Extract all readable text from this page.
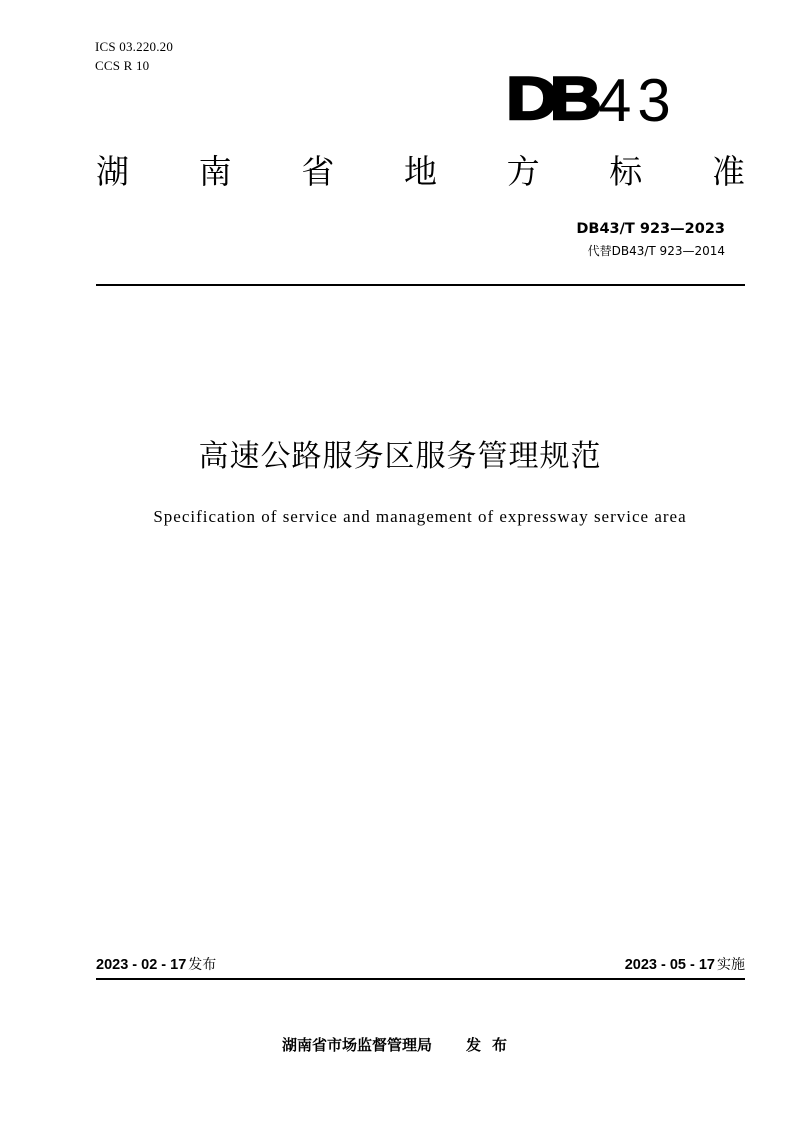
ICS 03.220.20
CCS R 10	DB 43
湖 南 省 地 方 标 准
DB43/T 923—2023
代替DB43/T 923—2014
高速公路服务区服务管理规范
Specification of service and management of expressway service area
2023 - 02 - 17 发布	2023 - 05 - 17 实施
湖南省市场监督管理局 发布
